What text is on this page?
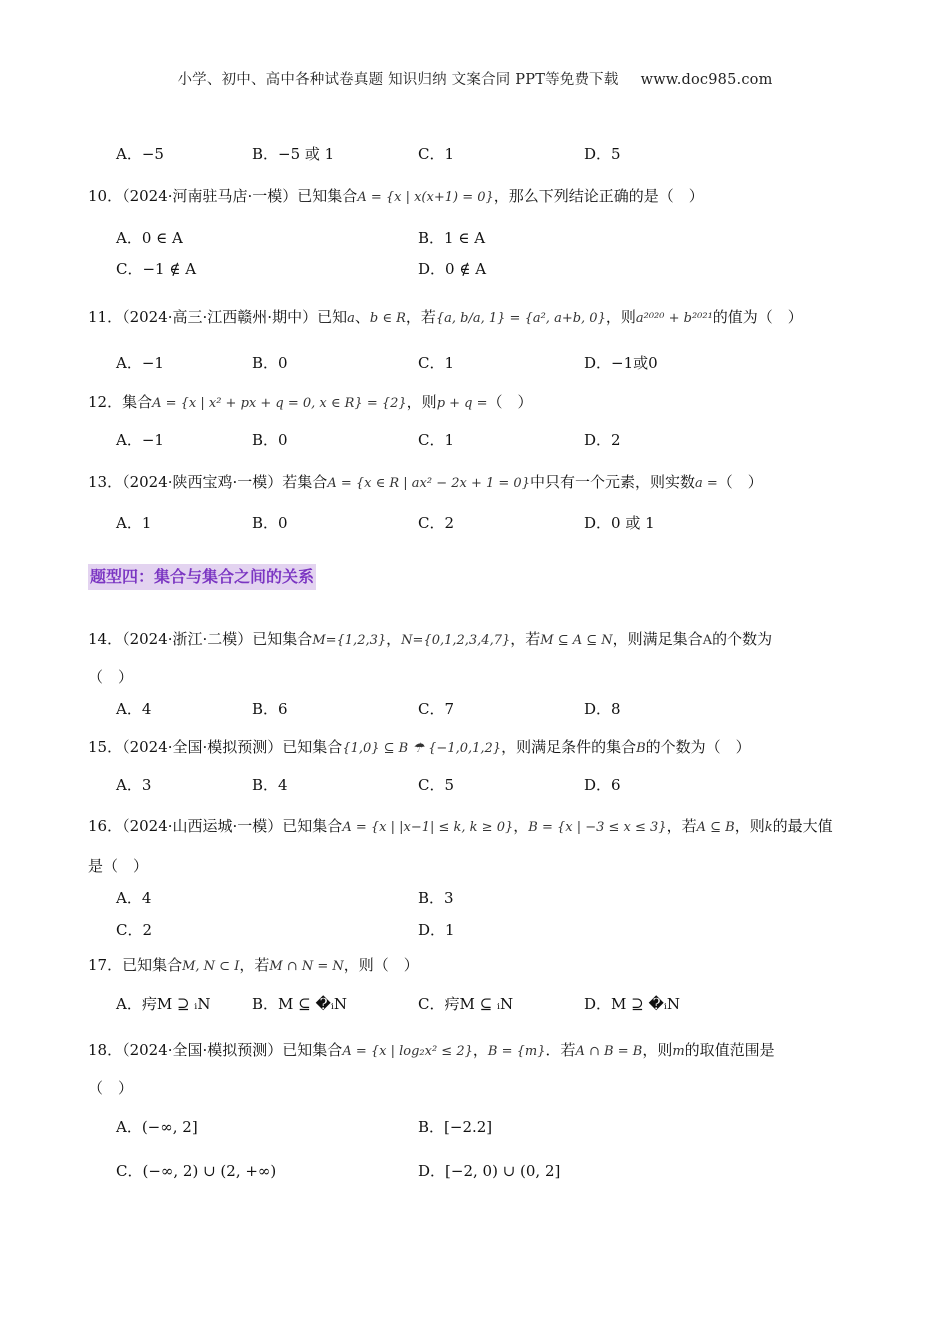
小学、初中、高中各种试卷真题 知识归纳 文案合同 PPT等免费下载 www.doc985.com
A．−5	B．−5 或 1	C．1	D．5
10．（2024·河南驻马店·一模）已知集合A = {x | x(x+1) = 0}，那么下列结论正确的是（　）
A．0 ∈ A	B．1 ∈ A
C．−1 ∉ A	D．0 ∉ A
11．（2024·高三·江西赣州·期中）已知a、b ∈ R，若{a, b/a, 1} = {a², a+b, 0}，则a²⁰²⁰ + b²⁰²¹的值为（　）
A．−1	B．0	C．1	D．−1或0
12．集合A = {x | x² + px + q = 0, x ∈ R} = {2}，则p + q =（　）
A．−1	B．0	C．1	D．2
13．（2024·陕西宝鸡·一模）若集合A = {x ∈ R | ax² − 2x + 1 = 0}中只有一个元素，则实数a =（　）
A．1	B．0	C．2	D．0 或 1
题型四：集合与集合之间的关系
14．（2024·浙江·二模）已知集合M={1,2,3}，N={0,1,2,3,4,7}，若M ⊆ A ⊆ N，则满足集合A的个数为
（　）
A．4	B．6	C．7	D．8
15．（2024·全国·模拟预测）已知集合{1,0} ⊆ B ☂ {−1,0,1,2}，则满足条件的集合B的个数为（　）
A．3	B．4	C．5	D．6
16．（2024·山西运城·一模）已知集合A = {x | |x−1| ≤ k, k ≥ 0}，B = {x | −3 ≤ x ≤ 3}，若A ⊆ B，则k的最大值
是（　）
A．4	B．3
C．2	D．1
17．已知集合M, N ⊂ I，若M ∩ N = N，则（　）
A．疞M ⊇ ᵢN	B．M ⊆ �ᵢN	C．疞M ⊆ ᵢN	D．M ⊇ �ᵢN
18．（2024·全国·模拟预测）已知集合A = {x | log₂x² ≤ 2}，B = {m}．若A ∩ B = B，则m的取值范围是
（　）
A．(−∞, 2]	B．[−2.2]
C．(−∞, 2) ∪ (2, +∞)	D．[−2, 0) ∪ (0, 2]
